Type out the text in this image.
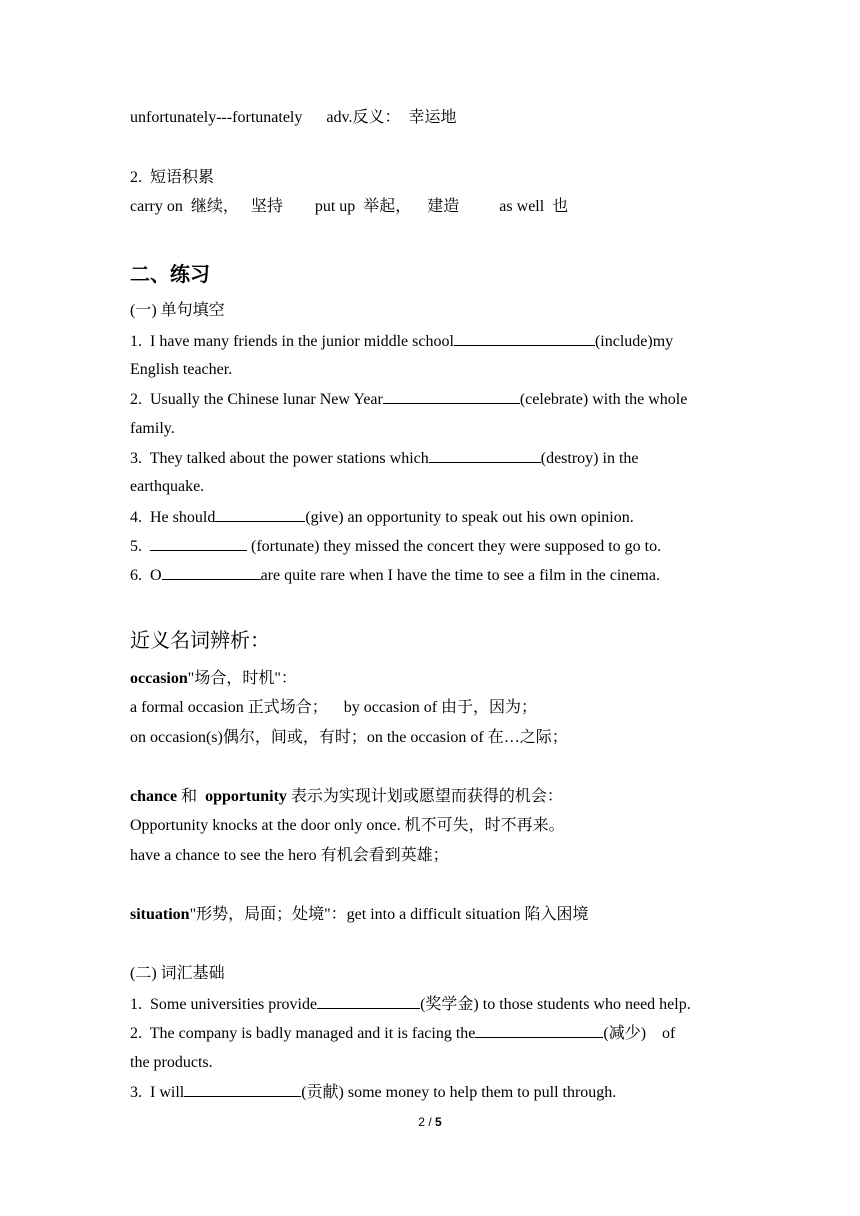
unfortunately---fortunately adv.反义：  幸运地
2.  短语积累
carry on  继续，   坚持        put up  举起，    建造          as well  也
二、练习
(一) 单句填空
1.  I have many friends in the junior middle school	(include)my
English teacher.
2.  Usually the Chinese lunar New Year	(celebrate) with the whole
family.
3.  They talked about the power stations which	(destroy) in the
earthquake.
4.  He should	(give) an opportunity to speak out his own opinion.
5.	(fortunate) they missed the concert they were supposed to go to.
6.  O	are quite rare when I have the time to see a film in the cinema.
近义名词辨析：
occasion"场合，时机"：
a formal occasion 正式场合；    by occasion of 由于，因为；
on occasion(s)偶尔，间或，有时；on the occasion of 在…之际；
chance 和  opportunity 表示为实现计划或愿望而获得的机会：
Opportunity knocks at the door only once. 机不可失，时不再来。
have a chance to see the hero 有机会看到英雄；
situation"形势，局面；处境"：get into a difficult situation 陷入困境
(二) 词汇基础
1.  Some universities provide	(奖学金) to those students who need help.
2.  The company is badly managed and it is facing the	(减少)    of
the products.
3.  I will	(贡献) some money to help them to pull through.
2 / 5
